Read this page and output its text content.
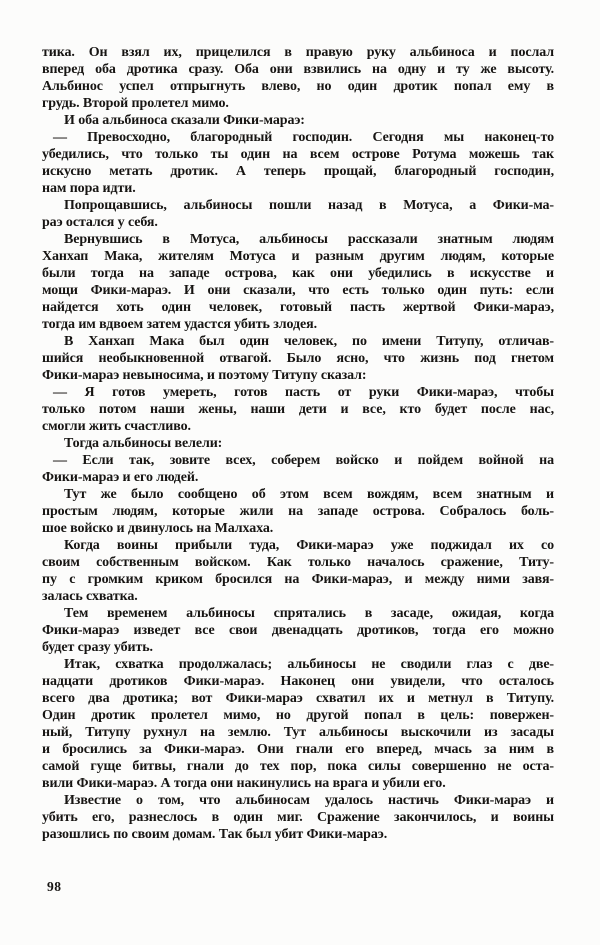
тика. Он взял их, прицелился в правую руку альбиноса и послал
вперед оба дротика сразу. Оба они взвились на одну и ту же высоту.
Альбинос успел отпрыгнуть влево, но один дротик попал ему в
грудь. Второй пролетел мимо.
И оба альбиноса сказали Фики-мараэ:
— Превосходно, благородный господин. Сегодня мы наконец-то
убедились, что только ты один на всем острове Ротума можешь так
искусно метать дротик. А теперь прощай, благородный господин,
нам пора идти.
Попрощавшись, альбиносы пошли назад в Мотуса, а Фики-ма-
раэ остался у себя.
Вернувшись в Мотуса, альбиносы рассказали знатным людям
Ханхап Мака, жителям Мотуса и разным другим людям, которые
были тогда на западе острова, как они убедились в искусстве и
мощи Фики-мараэ. И они сказали, что есть только один путь: если
найдется хоть один человек, готовый пасть жертвой Фики-мараэ,
тогда им вдвоем затем удастся убить злодея.
В Ханхап Мака был один человек, по имени Титупу, отличав-
шийся необыкновенной отвагой. Было ясно, что жизнь под гнетом
Фики-мараэ невыносима, и поэтому Титупу сказал:
— Я готов умереть, готов пасть от руки Фики-мараэ, чтобы
только потом наши жены, наши дети и все, кто будет после нас,
смогли жить счастливо.
Тогда альбиносы велели:
— Если так, зовите всех, соберем войско и пойдем войной на
Фики-мараэ и его людей.
Тут же было сообщено об этом всем вождям, всем знатным и
простым людям, которые жили на западе острова. Собралось боль-
шое войско и двинулось на Малхаха.
Когда воины прибыли туда, Фики-мараэ уже поджидал их со
своим собственным войском. Как только началось сражение, Титу-
пу с громким криком бросился на Фики-мараэ, и между ними завя-
залась схватка.
Тем временем альбиносы спрятались в засаде, ожидая, когда
Фики-мараэ изведет все свои двенадцать дротиков, тогда его можно
будет сразу убить.
Итак, схватка продолжалась; альбиносы не сводили глаз с две-
надцати дротиков Фики-мараэ. Наконец они увидели, что осталось
всего два дротика; вот Фики-мараэ схватил их и метнул в Титупу.
Один дротик пролетел мимо, но другой попал в цель: повержен-
ный, Титупу рухнул на землю. Тут альбиносы выскочили из засады
и бросились за Фики-мараэ. Они гнали его вперед, мчась за ним в
самой гуще битвы, гнали до тех пор, пока силы совершенно не оста-
вили Фики-мараэ. А тогда они накинулись на врага и убили его.
Известие о том, что альбиносам удалось настичь Фики-мараэ и
убить его, разнеслось в один миг. Сражение закончилось, и воины
разошлись по своим домам. Так был убит Фики-мараэ.
98
